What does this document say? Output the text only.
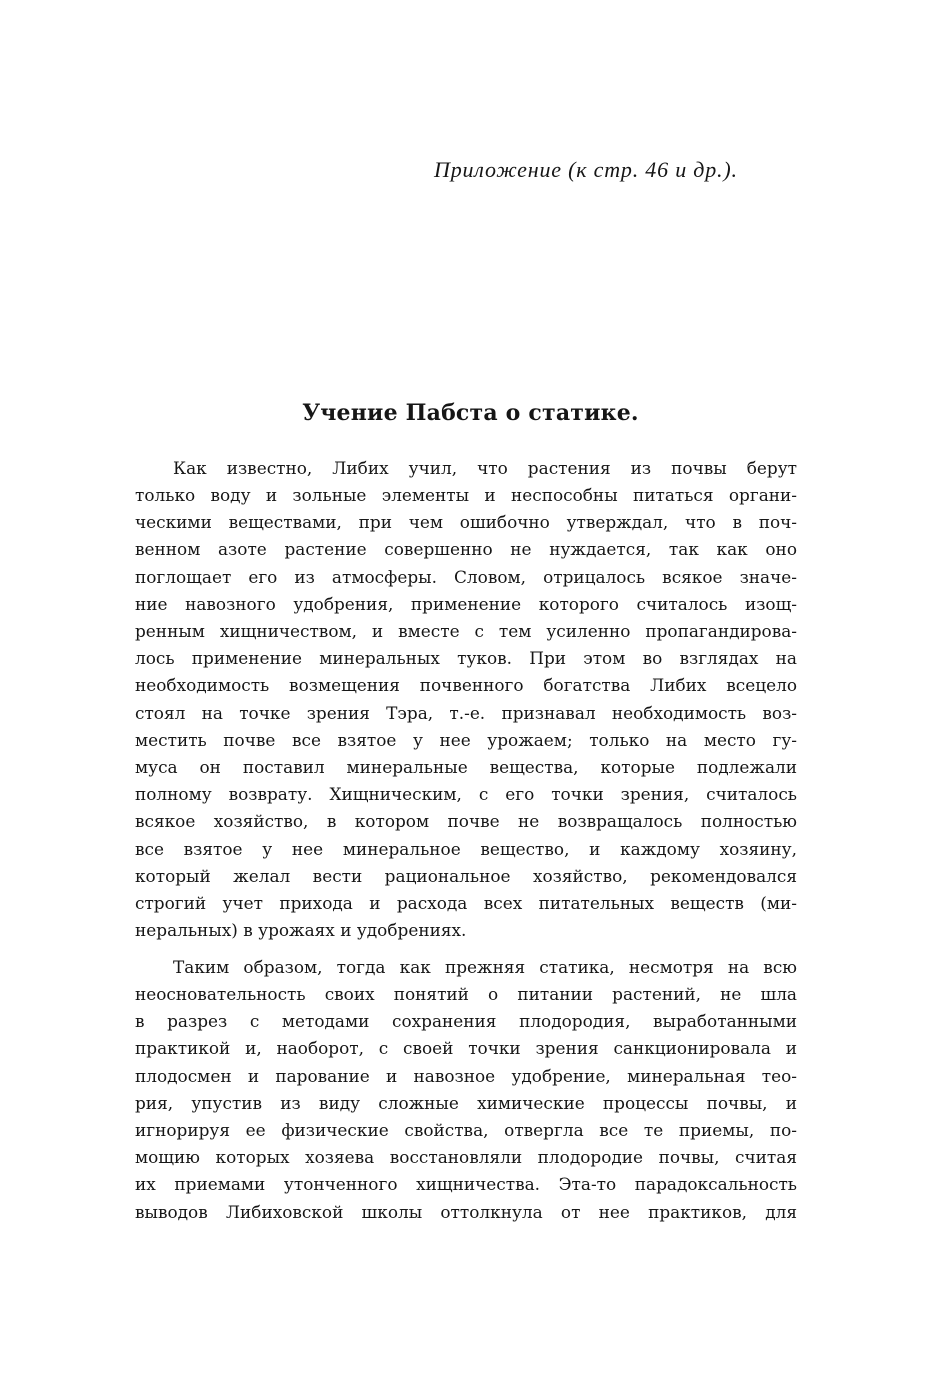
Приложение (к стр. 46 и др.).
Учение Пабста о статике.
Как известно, Либих учил, что растения из почвы берут
только воду и зольные элементы и неспособны питаться органи-
ческими веществами, при чем ошибочно утверждал, что в поч-
венном азоте растение совершенно не нуждается, так как оно
поглощает его из атмосферы. Словом, отрицалось всякое значе-
ние навозного удобрения, применение которого считалось изощ-
ренным хищничеством, и вместе с тем усиленно пропагандирова-
лось применение минеральных туков. При этом во взглядах на
необходимость возмещения почвенного богатства Либих всецело
стоял на точке зрения Тэра, т.-е. признавал необходимость воз-
местить почве все взятое у нее урожаем; только на место гу-
муса он поставил минеральные вещества, которые подлежали
полному возврату. Хищническим, с его точки зрения, считалось
всякое хозяйство, в котором почве не возвращалось полностью
все взятое у нее минеральное вещество, и каждому хозяину,
который желал вести рациональное хозяйство, рекомендовался
строгий учет прихода и расхода всех питательных веществ (ми-
неральных) в урожаях и удобрениях.
Таким образом, тогда как прежняя статика, несмотря на всю
неосновательность своих понятий о питании растений, не шла
в разрез с методами сохранения плодородия, выработанными
практикой и, наоборот, с своей точки зрения санкционировала и
плодосмен и парование и навозное удобрение, минеральная тео-
рия, упустив из виду сложные химические процессы почвы, и
игнорируя ее физические свойства, отвергла все те приемы, по-
мощию которых хозяева восстановляли плодородие почвы, считая
их приемами утонченного хищничества. Эта-то парадоксальность
выводов Либиховской школы оттолкнула от нее практиков, для
